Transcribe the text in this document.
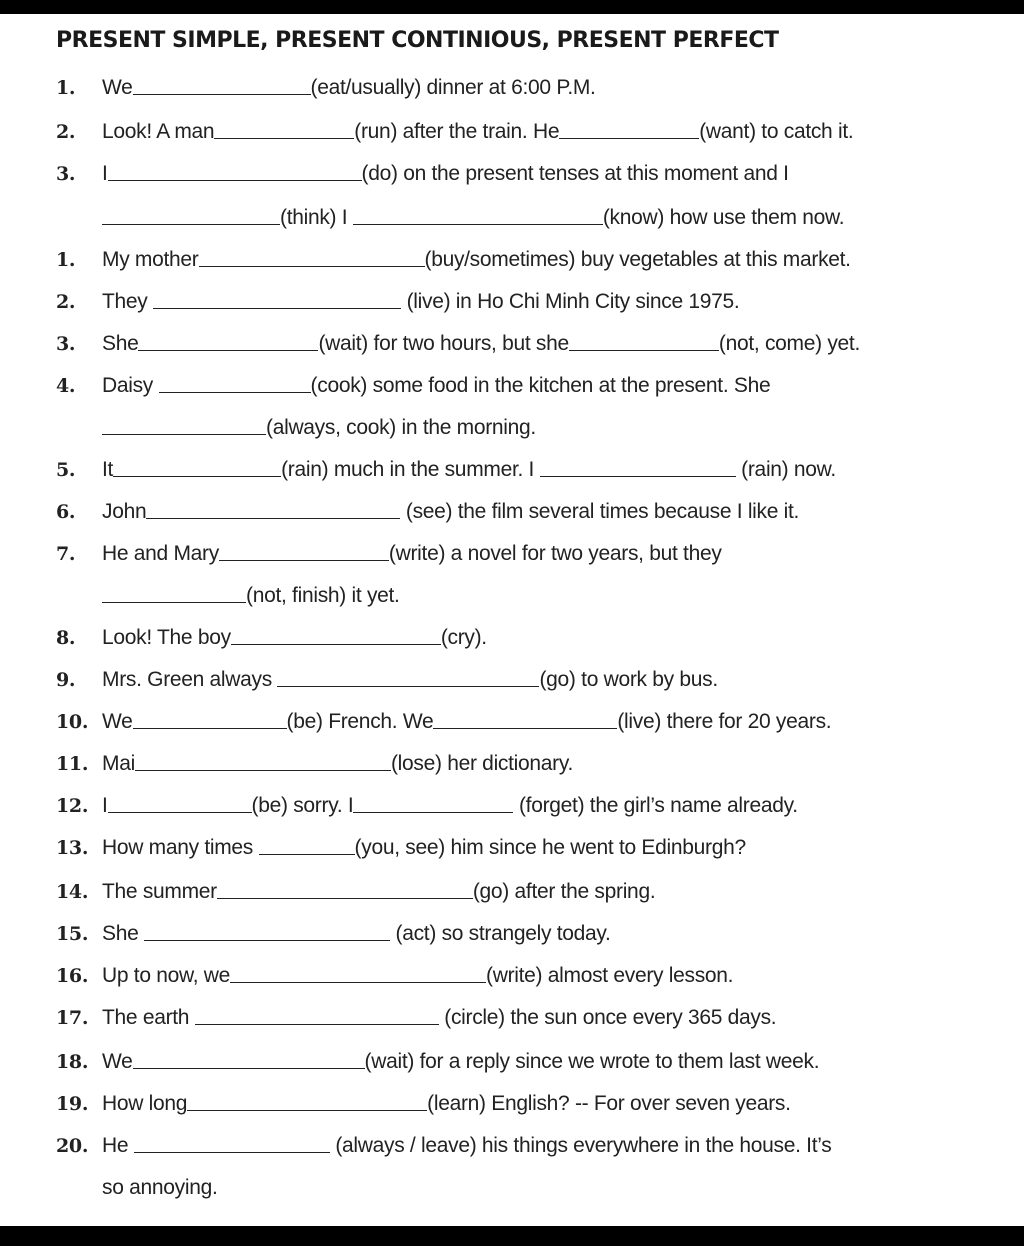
PRESENT SIMPLE, PRESENT CONTINIOUS, PRESENT PERFECT
1.	We	(eat/usually) dinner at 6:00 P.M.
2.	Look! A man	(run) after the train. He	(want) to catch it.
3.	I	(do) on the present tenses at this moment and I
(think) I	(know) how use them now.
1.	My mother	(buy/sometimes) buy vegetables at this market.
2.	They	(live) in Ho Chi Minh City since 1975.
3.	She	(wait) for two hours, but she	(not, come) yet.
4.	Daisy	(cook) some food in the kitchen at the present. She
(always, cook) in the morning.
5.	It	(rain) much in the summer. I	(rain) now.
6.	John	(see) the film several times because I like it.
7.	He and Mary	(write) a novel for two years, but they
(not, finish) it yet.
8.	Look! The boy	(cry).
9.	Mrs. Green always	(go) to work by bus.
10. We	(be) French. We	(live) there for 20 years.
11. Mai	(lose) her dictionary.
12. I	(be) sorry. I	(forget) the girl’s name already.
13. How many times	(you, see) him since he went to Edinburgh?
14. The summer	(go) after the spring.
15. She	(act) so strangely today.
16. Up to now, we	(write) almost every lesson.
17. The earth	(circle) the sun once every 365 days.
18. We	(wait) for a reply since we wrote to them last week.
19. How long	(learn) English? -- For over seven years.
20. He	(always / leave) his things everywhere in the house. It’s
so annoying.
